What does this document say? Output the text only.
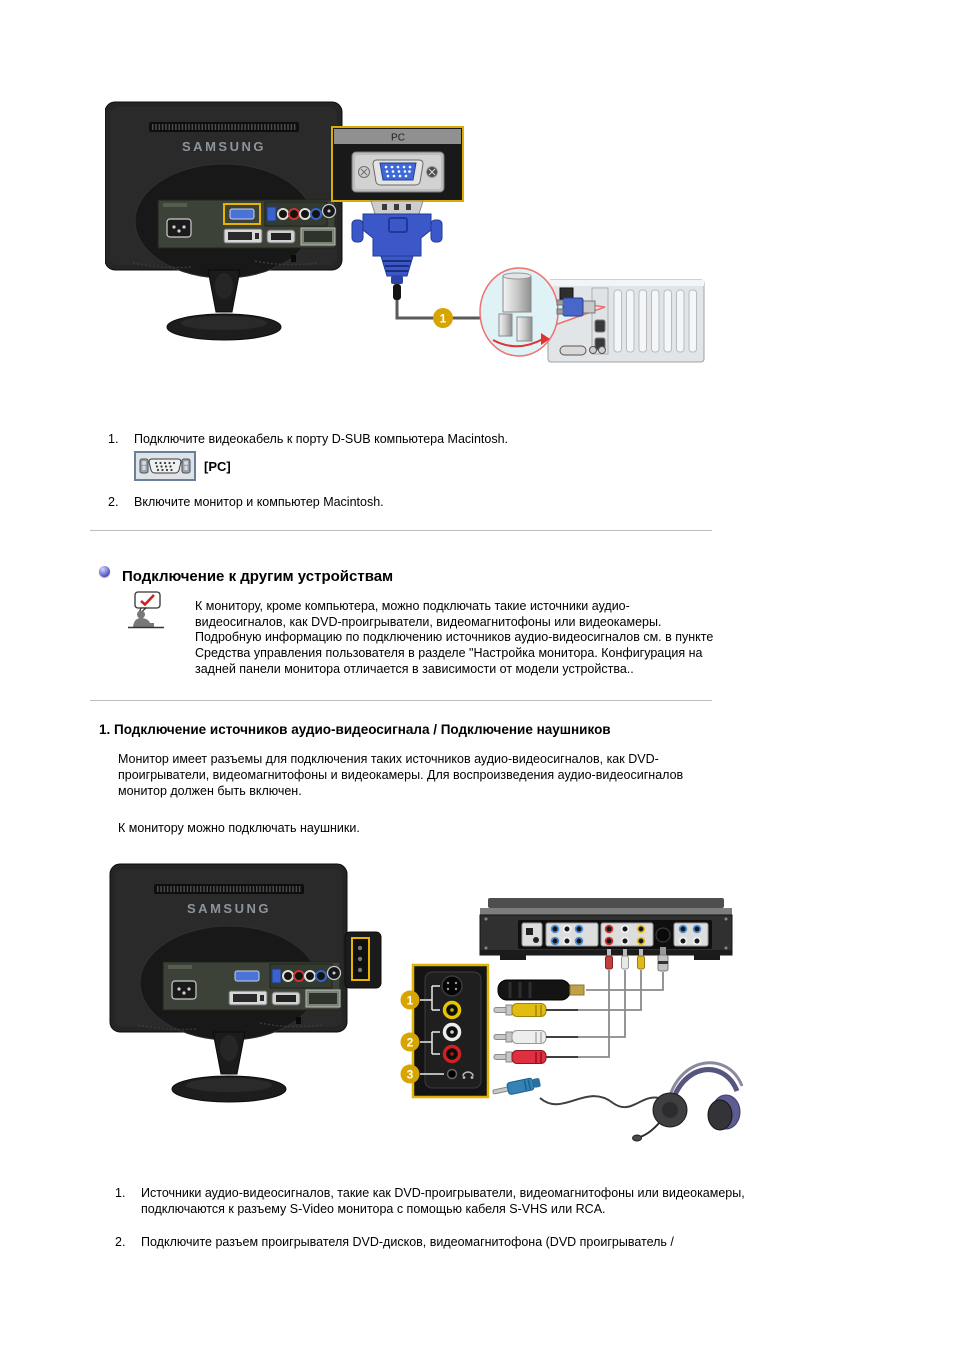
PC
1
1.	Подключите видеокабель к порту D-SUB компьютера Macintosh.
[PC]
2.	Включите монитор и компьютер Macintosh.
Подключение к другим устройствам
К монитору, кроме компьютера, можно подключать такие источники аудио-видеосигналов, как DVD-проигрыватели, видеомагнитофоны или видеокамеры. Подробную информацию по подключению источников аудио-видеосигналов см. в пункте Средства управления пользователя в разделе "Настройка монитора. Конфигурация на задней панели монитора отличается в зависимости от модели устройства..
1. Подключение источников аудио-видеосигнала / Подключение наушников
Монитор имеет разъемы для подключения таких источников аудио-видеосигналов, как DVD-проигрыватели, видеомагнитофоны и видеокамеры. Для воспроизведения аудио-видеосигналов монитор должен быть включен.
К монитору можно подключать наушники.
1
2
3
1.	Источники аудио-видеосигналов, такие как DVD-проигрыватели, видеомагнитофоны или видеокамеры, подключаются к разъему S-Video монитора с помощью кабеля S-VHS или RCA.
2.	Подключите разъем проигрывателя DVD-дисков, видеомагнитофона (DVD проигрыватель /
